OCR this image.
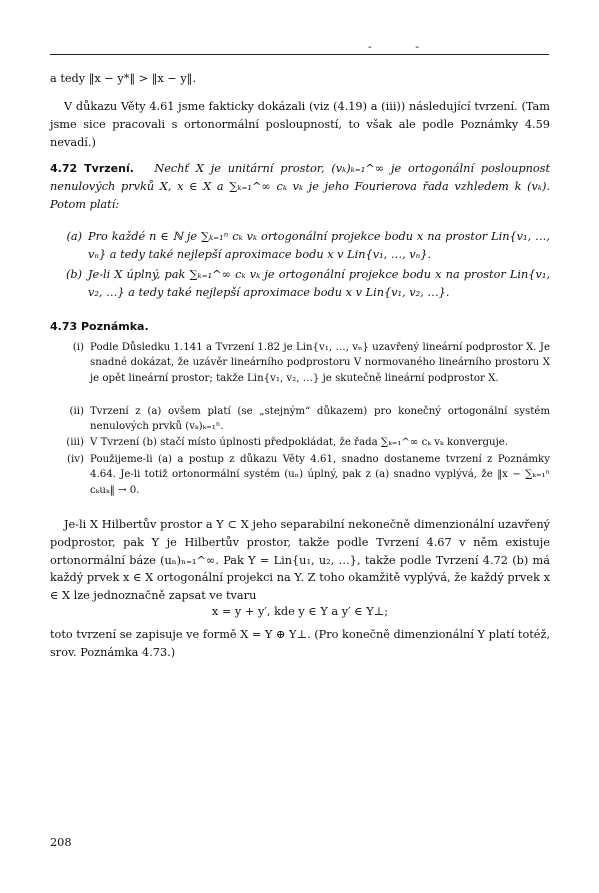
- -

a tedy ‖x − y*‖ > ‖x − y‖.

V důkazu Věty 4.61 jsme fakticky dokázali (viz (4.19) a (iii)) následující tvrzení. (Tam jsme sice pracovali s ortonormální posloupností, to však ale podle Poznámky 4.59 nevadí.)

4.72 Tvrzení. Nechť X je unitární prostor, (vₖ)ₖ₌₁^∞ je ortogonální posloupnost nenulových prvků X, x ∈ X a ∑ₖ₌₁^∞ cₖ vₖ je jeho Fourierova řada vzhledem k (vₖ). Potom platí:

(a) Pro každé n ∈ ℕ je ∑ₖ₌₁ⁿ cₖ vₖ ortogonální projekce bodu x na prostor Lin{v₁, …, vₙ} a tedy také nejlepší aproximace bodu x v Lin{v₁, …, vₙ}.
(b) Je-li X úplný, pak ∑ₖ₌₁^∞ cₖ vₖ je ortogonální projekce bodu x na prostor Lin{v₁, v₂, …} a tedy také nejlepší aproximace bodu x v Lin{v₁, v₂, …}.

4.73 Poznámka.

(i) Podle Důsledku 1.141 a Tvrzení 1.82 je Lin{v₁, …, vₙ} uzavřený lineární podprostor X. Je snadné dokázat, že uzávěr lineárního podprostoru V normovaného lineárního prostoru X je opět lineární prostor; takže Lin{v₁, v₂, …} je skutečně lineární podprostor X.
(ii) Tvrzení z (a) ovšem platí (se „stejným“ důkazem) pro konečný ortogonální systém nenulových prvků (vₖ)ₖ₌₁ⁿ.
(iii) V Tvrzení (b) stačí místo úplnosti předpokládat, že řada ∑ₖ₌₁^∞ cₖ vₖ konverguje.
(iv) Použijeme-li (a) a postup z důkazu Věty 4.61, snadno dostaneme tvrzení z Poznámky 4.64. Je-li totiž ortonormální systém (uₙ) úplný, pak z (a) snadno vyplývá, že ‖x − ∑ₖ₌₁ⁿ cₖuₖ‖ → 0.

Je-li X Hilbertův prostor a Y ⊂ X jeho separabilní nekonečně dimenzionální uzavřený podprostor, pak Y je Hilbertův prostor, takže podle Tvrzení 4.67 v něm existuje ortonormální báze (uₙ)ₙ₌₁^∞. Pak Y = Lin{u₁, u₂, …}, takže podle Tvrzení 4.72 (b) má každý prvek x ∈ X ortogonální projekci na Y. Z toho okamžitě vyplývá, že každý prvek x ∈ X lze jednoznačně zapsat ve tvaru

x = y + y′, kde y ∈ Y a y′ ∈ Y⊥;

toto tvrzení se zapisuje ve formě X = Y ⊕ Y⊥. (Pro konečně dimenzionální Y platí totéž, srov. Poznámka 4.73.)

208
